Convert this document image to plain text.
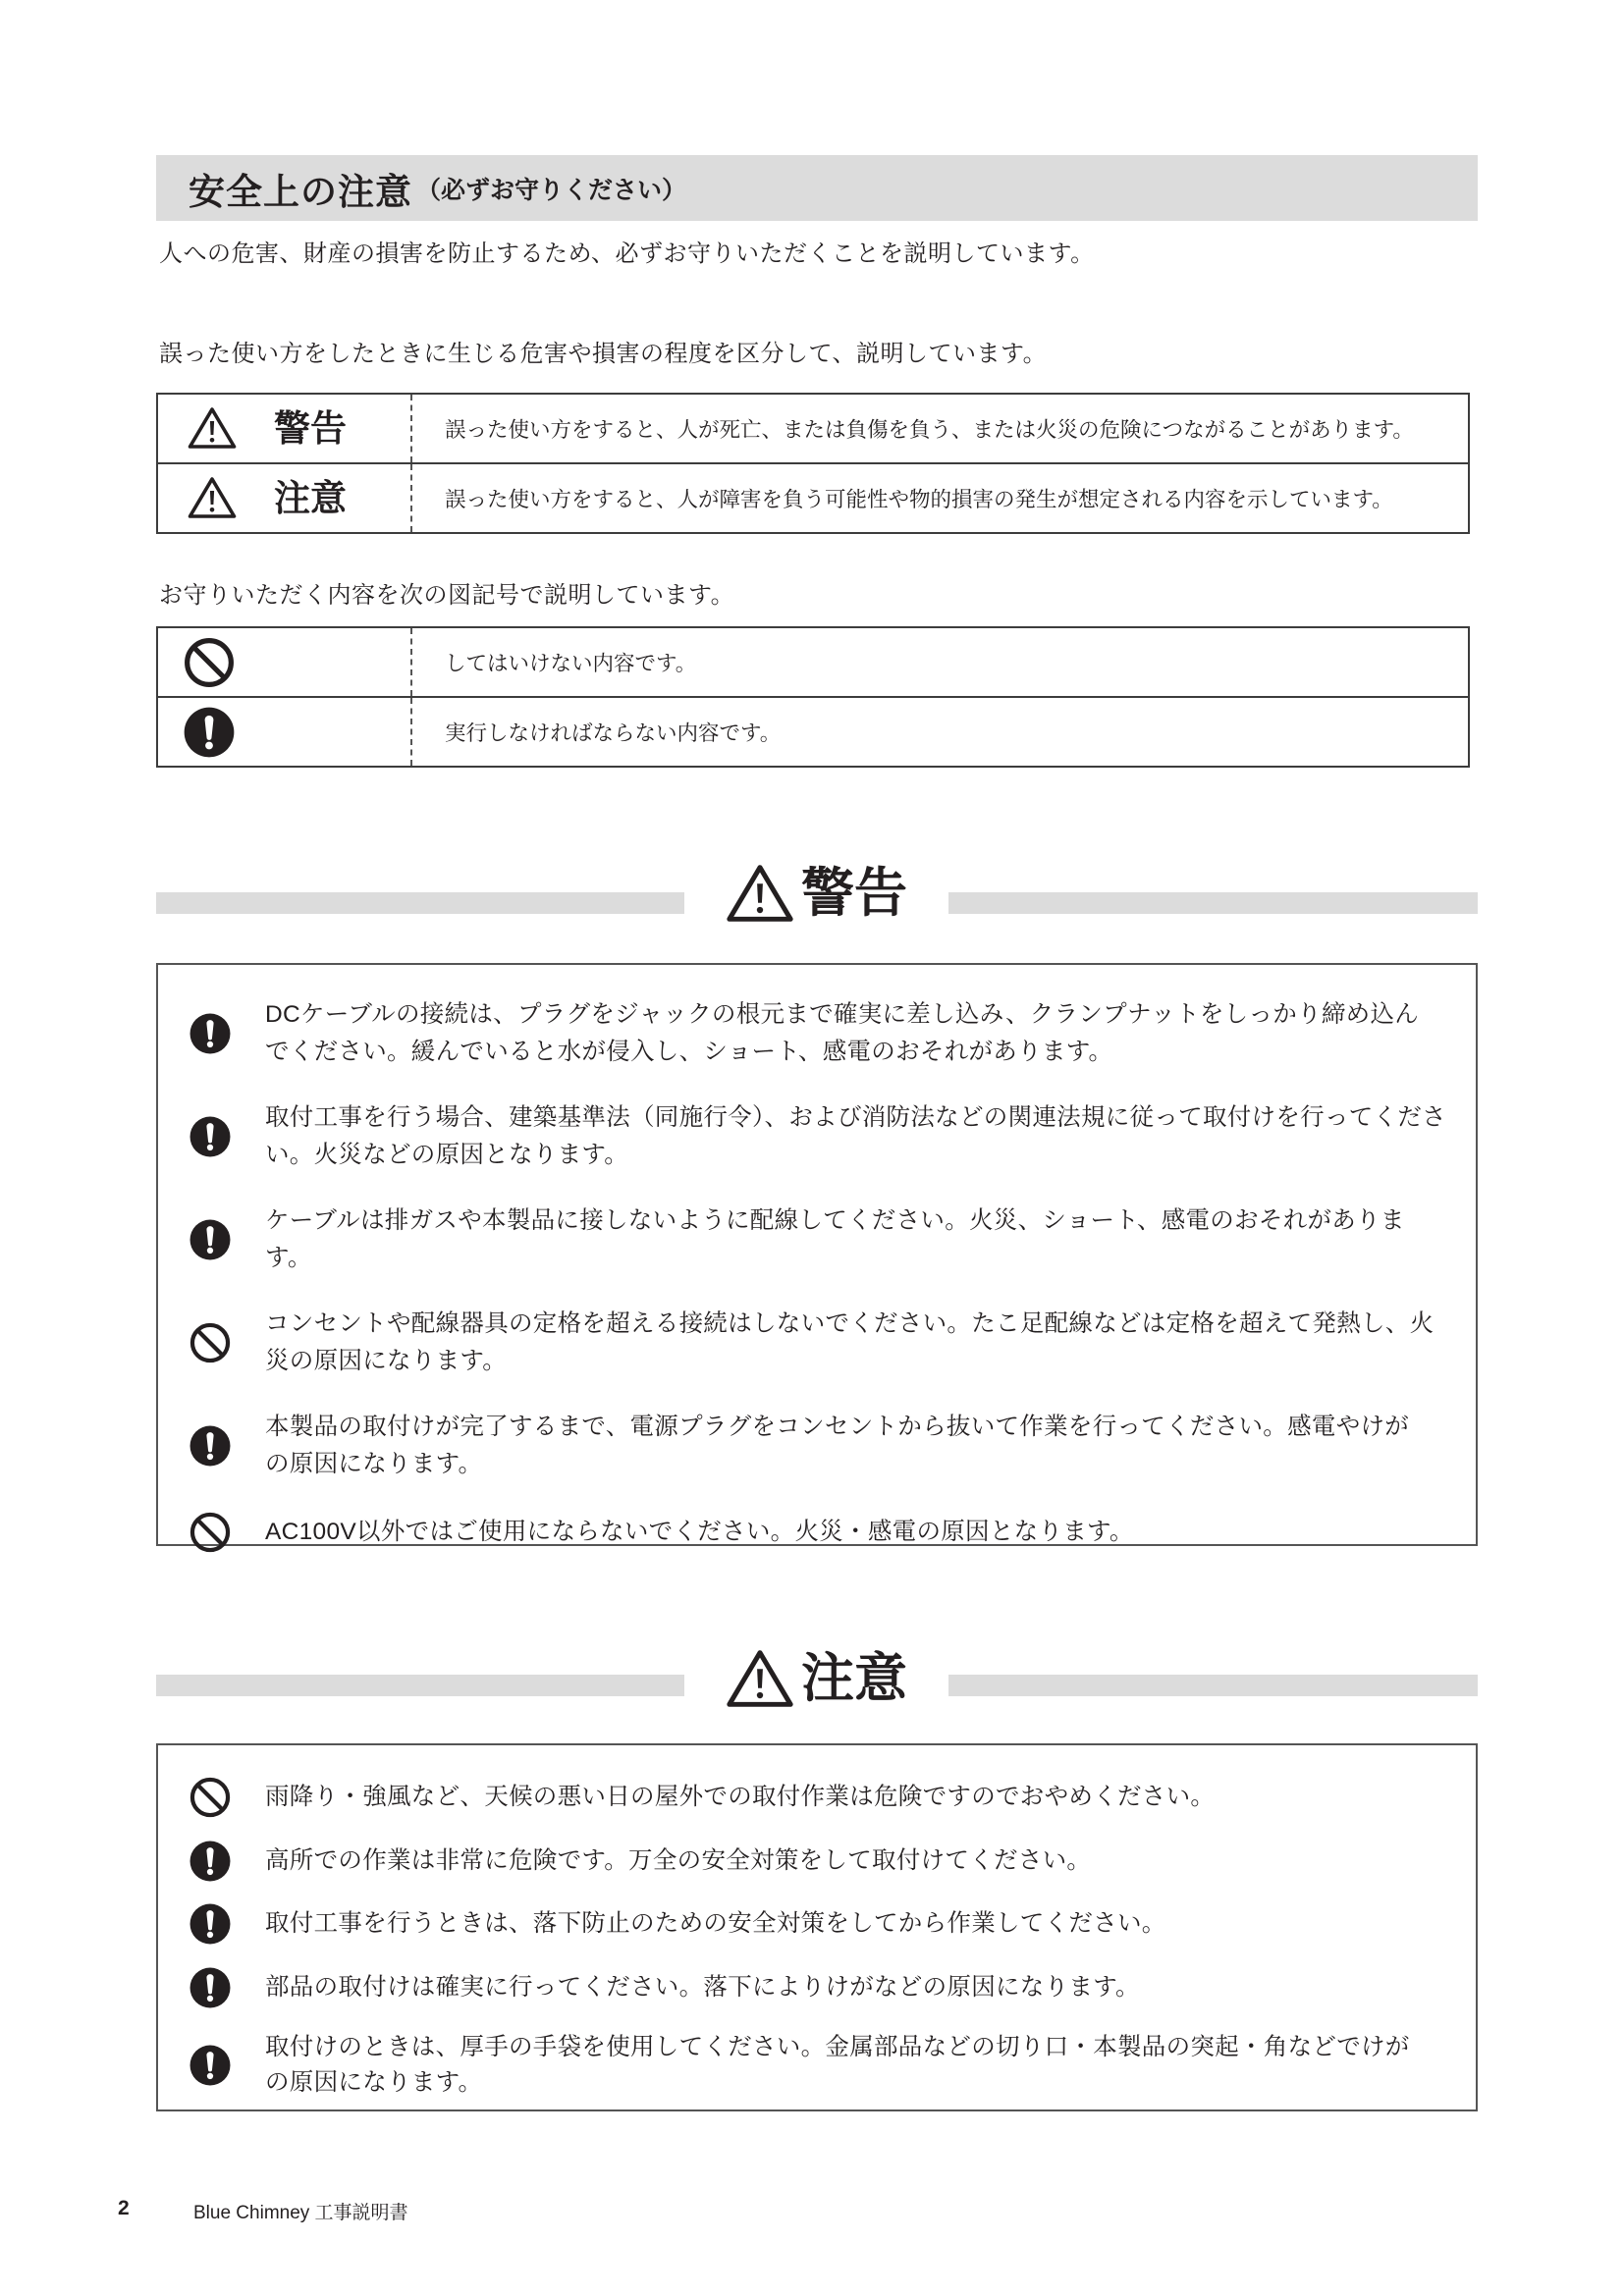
安全上の注意 （必ずお守りください）
人への危害、財産の損害を防止するため、必ずお守りいただくことを説明しています。
誤った使い方をしたときに生じる危害や損害の程度を区分して、説明しています。
警告	誤った使い方をすると、人が死亡、または負傷を負う、または火災の危険につながることがあります。
注意	誤った使い方をすると、人が障害を負う可能性や物的損害の発生が想定される内容を示しています。
お守りいただく内容を次の図記号で説明しています。
してはいけない内容です。
実行しなければならない内容です。
警告
DCケーブルの接続は、プラグをジャックの根元まで確実に差し込み、クランプナットをしっかり締め込ん
でください。緩んでいると水が侵入し、ショート、感電のおそれがあります。
取付工事を行う場合、建築基準法（同施行令）、および消防法などの関連法規に従って取付けを行ってくださ
い。火災などの原因となります。
ケーブルは排ガスや本製品に接しないように配線してください。火災、ショート、感電のおそれがあります。
コンセントや配線器具の定格を超える接続はしないでください。たこ足配線などは定格を超えて発熱し、火
災の原因になります。
本製品の取付けが完了するまで、電源プラグをコンセントから抜いて作業を行ってください。感電やけが
の原因になります。
AC100V以外ではご使用にならないでください。火災・感電の原因となります。
注意
雨降り・強風など、天候の悪い日の屋外での取付作業は危険ですのでおやめください。
高所での作業は非常に危険です。万全の安全対策をして取付けてください。
取付工事を行うときは、落下防止のための安全対策をしてから作業してください。
部品の取付けは確実に行ってください。落下によりけがなどの原因になります。
取付けのときは、厚手の手袋を使用してください。金属部品などの切り口・本製品の突起・角などでけが
の原因になります。
2	Blue Chimney 工事説明書
